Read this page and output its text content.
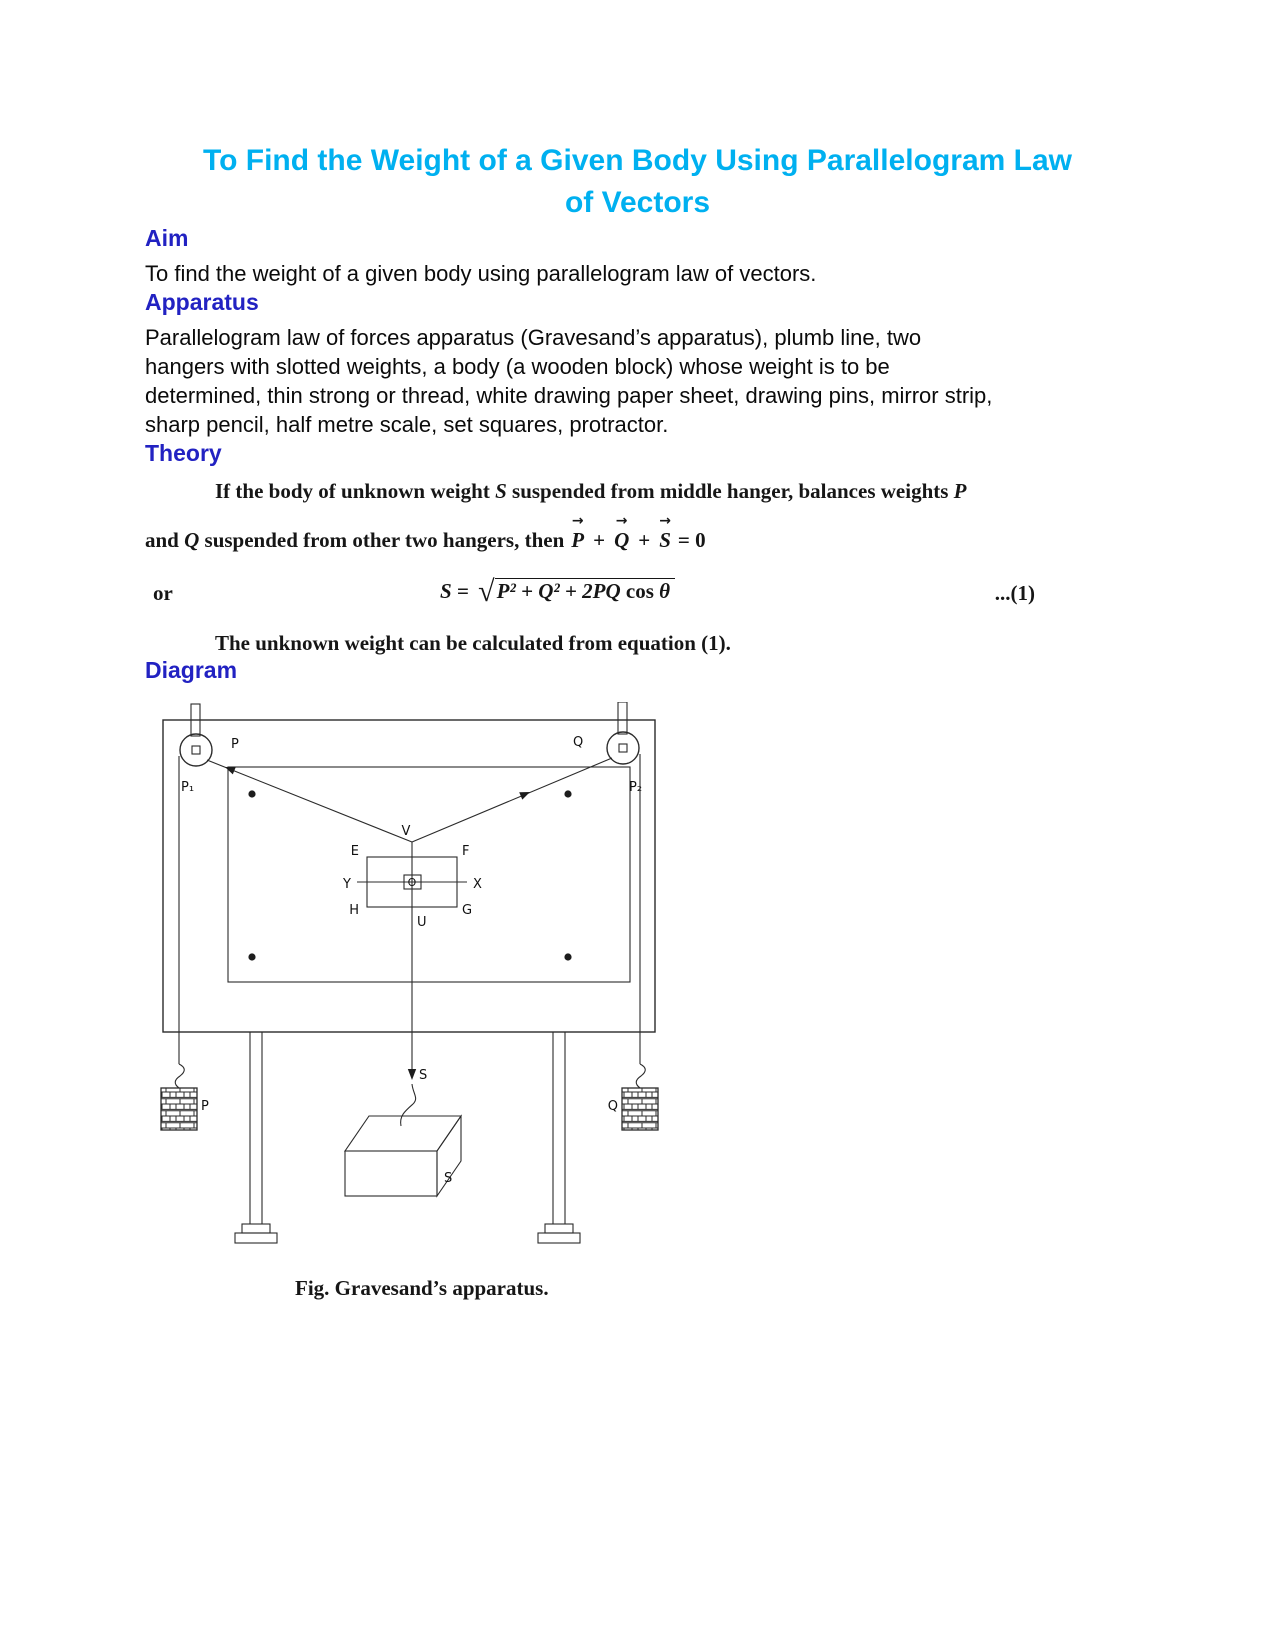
To Find the Weight of a Given Body Using Parallelogram Law
of Vectors
Aim

To find the weight of a given body using parallelogram law of vectors.

Apparatus
Parallelogram law of forces apparatus (Gravesand’s apparatus), plumb line, two
hangers with slotted weights, a body (a wooden block) whose weight is to be
determined, thin strong or thread, white drawing paper sheet, drawing pins, mirror strip,
sharp pencil, half metre scale, set squares, protractor.
Theory
If the body of unknown weight S suspended from middle hanger, balances weights P
and Q suspended from other two hangers, then
→
P +
→
Q +
→
S = 0
or	S = √P² + Q² + 2PQ cos θ	...(1)
The unknown weight can be calculated from equation (1).
Diagram
P₁	P₂
P	Q
V
E	F
Y	X
H	G
U
O
S
S
P	Q
Fig. Gravesand’s apparatus.
